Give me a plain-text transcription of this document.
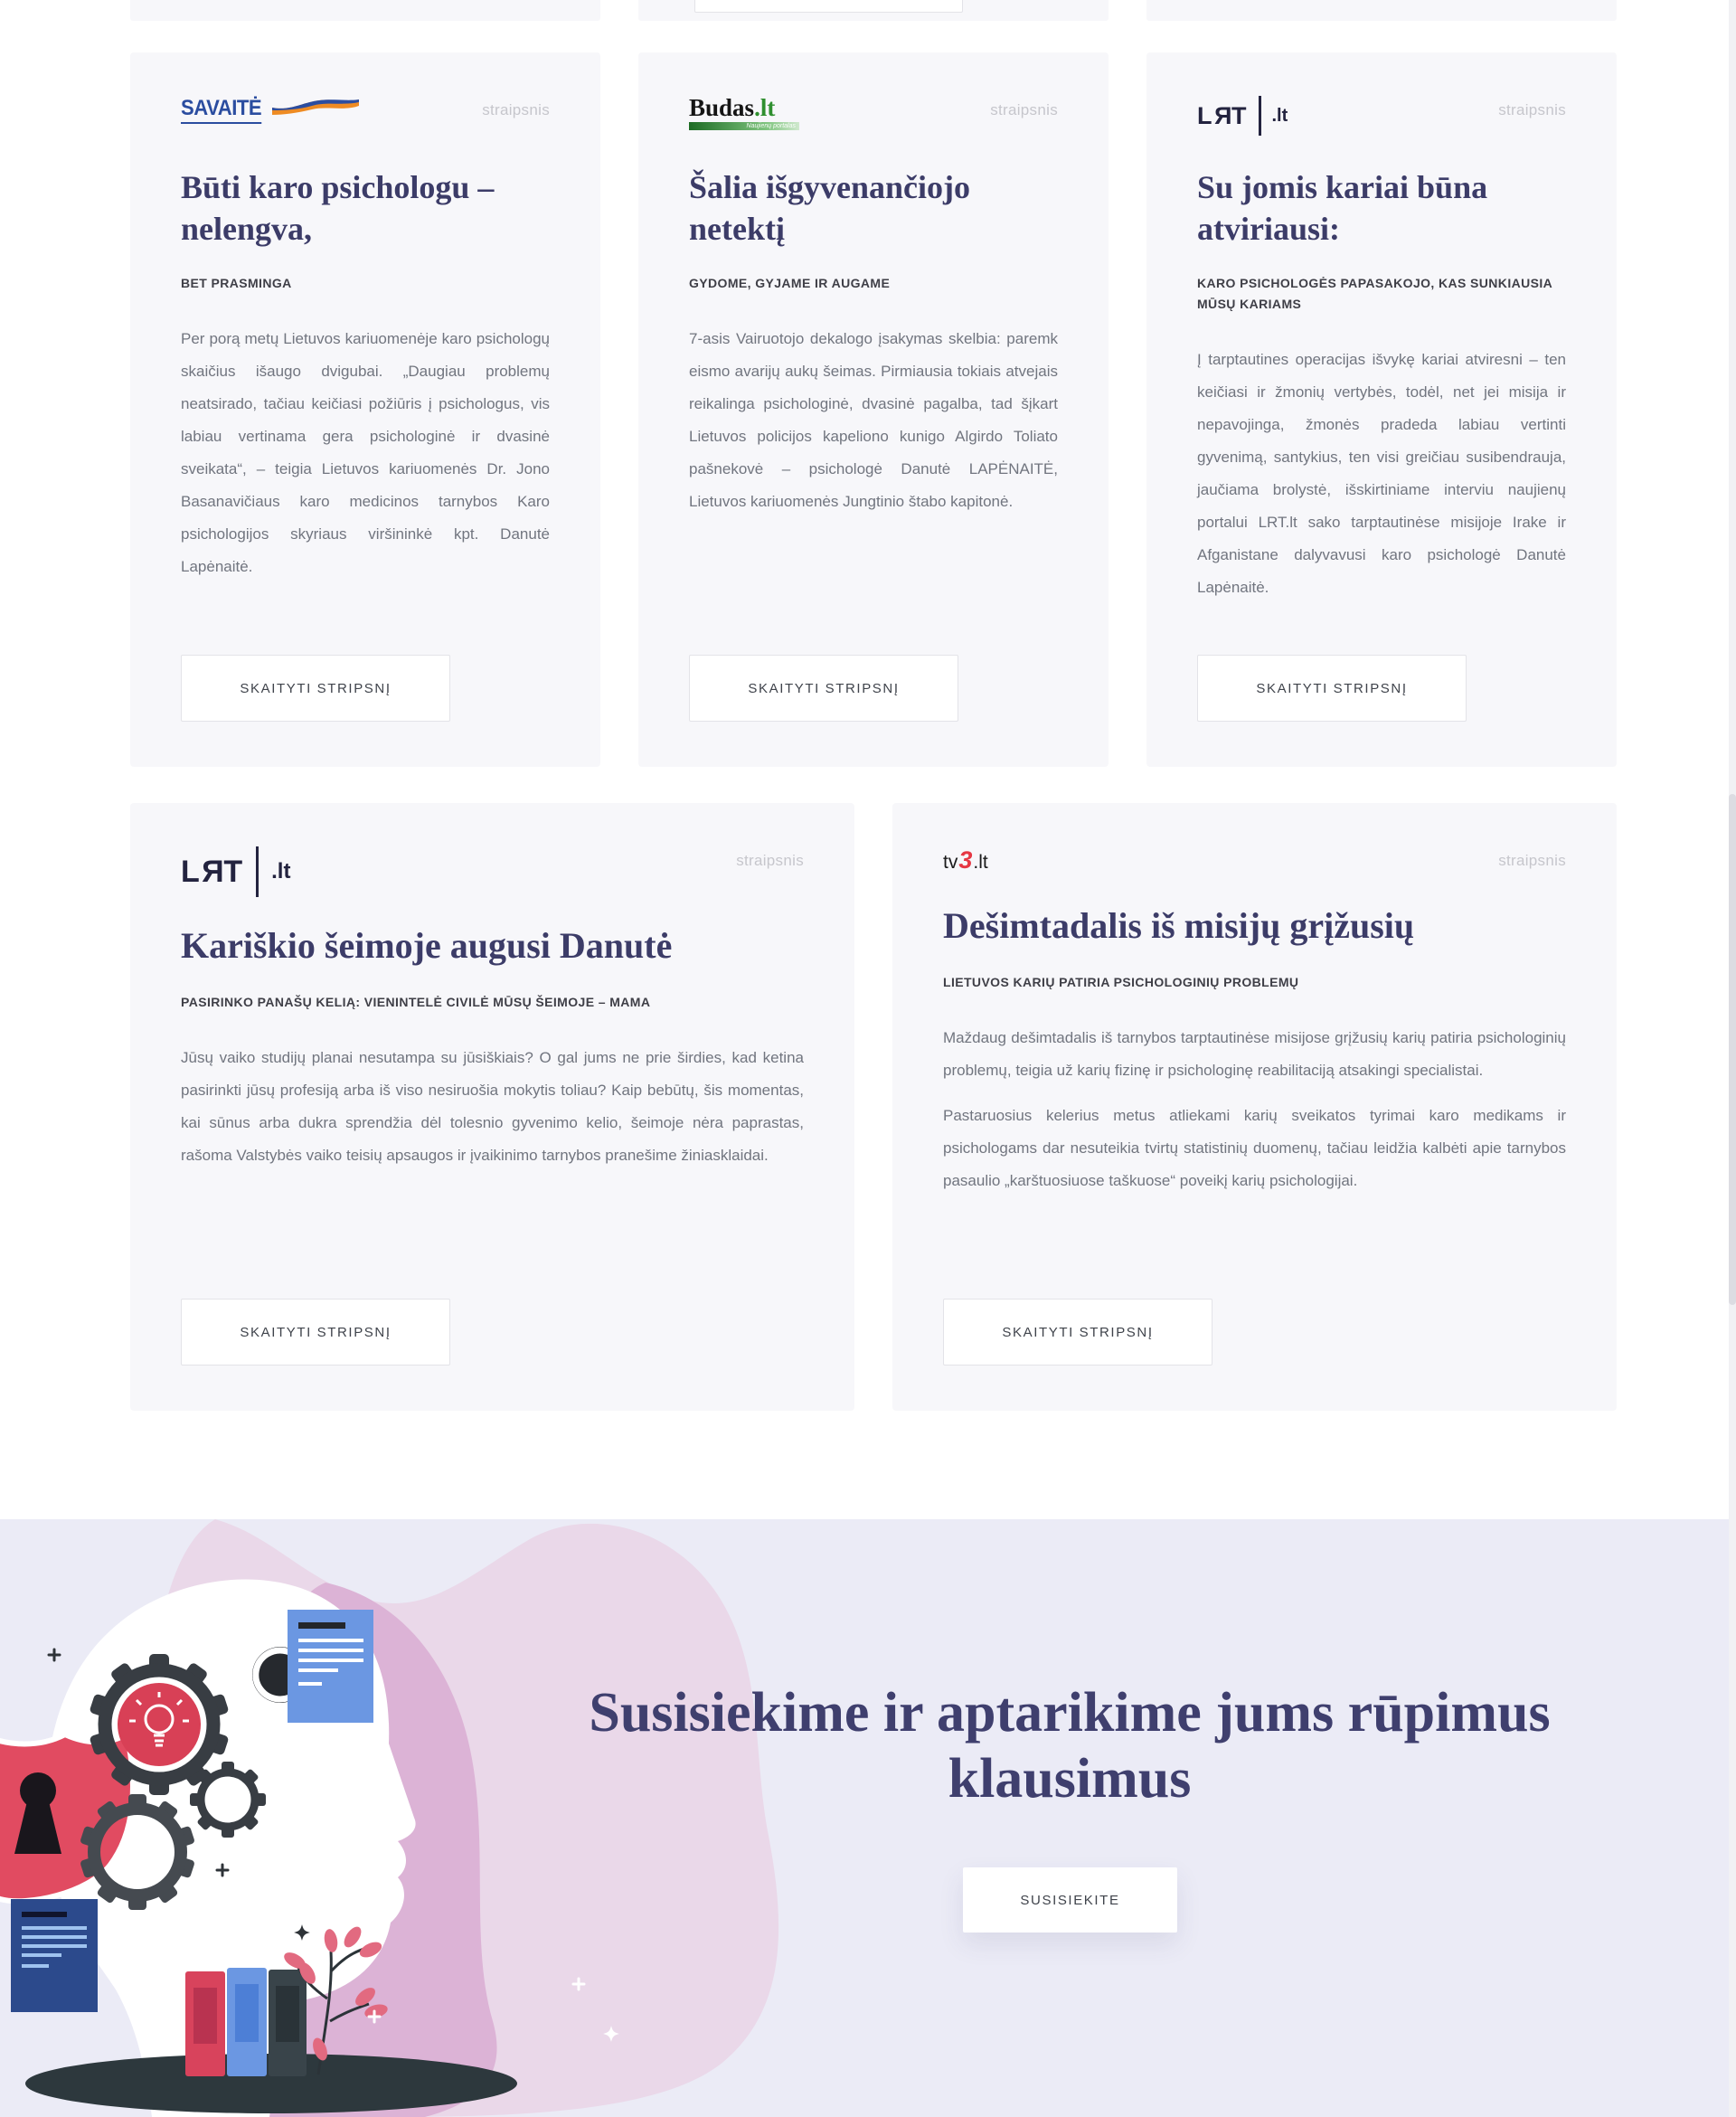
straipsnis
SAVAITĖ
Būti karo psichologu – nelengva,
BET PRASMINGA

Per porą metų Lietuvos kariuomenėje karo psichologų skaičius išaugo dvigubai. „Daugiau problemų neatsirado, tačiau keičiasi požiūris į psichologus, vis labiau vertinama gera psichologinė ir dvasinė sveikata“, – teigia Lietuvos kariuomenės Dr. Jono Basanavičiaus karo medicinos tarnybos Karo psichologijos skyriaus viršininkė kpt. Danutė Lapėnaitė.

SKAITYTI STRIPSNĮ
straipsnis
Budas.lt
Naujienų portalas
Šalia išgyvenančiojo netektį
GYDOME, GYJAME IR AUGAME

7-asis Vairuotojo dekalogo įsakymas skelbia: paremk eismo avarijų aukų šeimas. Pirmiausia tokiais atvejais reikalinga psichologinė, dvasinė pagalba, tad šįkart Lietuvos policijos kapeliono kunigo Algirdo Toliato pašnekovė – psichologė Danutė LAPĖNAITĖ, Lietuvos kariuomenės Jungtinio štabo kapitonė.

SKAITYTI STRIPSNĮ
straipsnis
L R T .lt
Su jomis kariai būna atviriausi:
KARO PSICHOLOGĖS PAPASAKOJO, KAS SUNKIAUSIA MŪSŲ KARIAMS

Į tarptautines operacijas išvykę kariai atviresni – ten keičiasi ir žmonių vertybės, todėl, net jei misija ir nepavojinga, žmonės pradeda labiau vertinti gyvenimą, santykius, ten visi greičiau susibendrauja, jaučiama brolystė, išskirtiniame interviu naujienų portalui LRT.lt sako tarptautinėse misijoje Irake ir Afganistane dalyvavusi karo psichologė Danutė Lapėnaitė.

SKAITYTI STRIPSNĮ
straipsnis
L R T .lt
Kariškio šeimoje augusi Danutė
PASIRINKO PANAŠŲ KELIĄ: VIENINTELĖ CIVILĖ MŪSŲ ŠEIMOJE – MAMA

Jūsų vaiko studijų planai nesutampa su jūsiškiais? O gal jums ne prie širdies, kad ketina pasirinkti jūsų profesiją arba iš viso nesiruošia mokytis toliau? Kaip bebūtų, šis momentas, kai sūnus arba dukra sprendžia dėl tolesnio gyvenimo kelio, šeimoje nėra paprastas, rašoma Valstybės vaiko teisių apsaugos ir įvaikinimo tarnybos pranešime žiniasklaidai.

SKAITYTI STRIPSNĮ
straipsnis
tv 3 .lt
Dešimtadalis iš misijų grįžusių
LIETUVOS KARIŲ PATIRIA PSICHOLOGINIŲ PROBLEMŲ

Maždaug dešimtadalis iš tarnybos tarptautinėse misijose grįžusių karių patiria psichologinių problemų, teigia už karių fizinę ir psichologinę reabilitaciją atsakingi specialistai.

Pastaruosius kelerius metus atliekami karių sveikatos tyrimai karo medikams ir psichologams dar nesuteikia tvirtų statistinių duomenų, tačiau leidžia kalbėti apie tarnybos pasaulio „karštuosiuose taškuose“ poveikį karių psichologijai.

SKAITYTI STRIPSNĮ
Susisiekime ir aptarikime jums rūpimus klausimus
SUSISIEKITE
